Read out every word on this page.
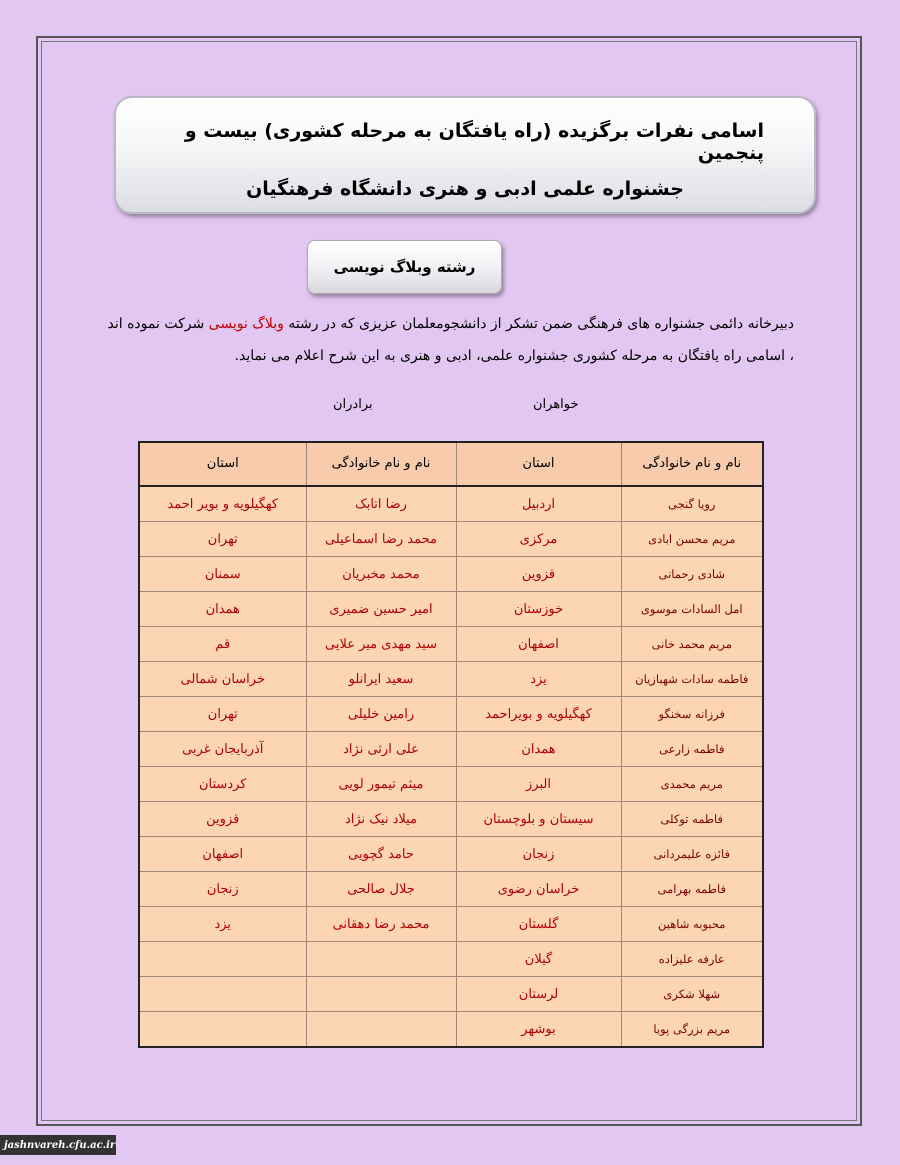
اسامی نفرات برگزیده (راه یافتگان به مرحله کشوری) بیست و پنجمین
جشنواره علمی ادبی و هنری دانشگاه فرهنگیان
رشته وبلاگ نویسی
دبیرخانه دائمی جشنواره های فرهنگی ضمن تشکر از دانشجومعلمان عزیزی که در رشته وبلاگ نویسی شرکت نموده اند ، اسامی راه یافتگان به مرحله کشوری جشنواره علمی، ادبی و هنری به این شرح اعلام می نماید.
خواهران
برادران
نام و نام خانوادگی	استان	نام و نام خانوادگی	استان
رویا گنجی	اردبیل	رضا اتابک	کهگیلویه و بویر احمد
مریم محسن ابادی	مرکزی	محمد رضا اسماعیلی	تهران
شادی رحمانی	قزوین	محمد مخبریان	سمنان
امل السادات موسوی	خوزستان	امیر حسین ضمیری	همدان
مریم محمد خانی	اصفهان	سید مهدی میر علایی	قم
فاطمه سادات شهبازیان	یزد	سعید ایرانلو	خراسان شمالی
فرزانه سخنگو	کهگیلویه و بویراحمد	رامین خلیلی	تهران
فاطمه زارعی	همدان	علی ارثی نژاد	آذربایجان غربی
مریم محمدی	البرز	میثم تیمور لویی	کردستان
فاطمه توکلی	سیستان و بلوچستان	میلاد نیک نژاد	قزوین
فائزه علیمردانی	زنجان	حامد گچویی	اصفهان
فاطمه بهرامی	خراسان رضوی	جلال صالحی	زنجان
محبوبه شاهین	گلستان	محمد رضا دهقانی	یزد
عارفه علیزاده	گیلان		
شهلا شکری	لرستان		
مریم بزرگی پویا	بوشهر		
jashnvareh.cfu.ac.ir
